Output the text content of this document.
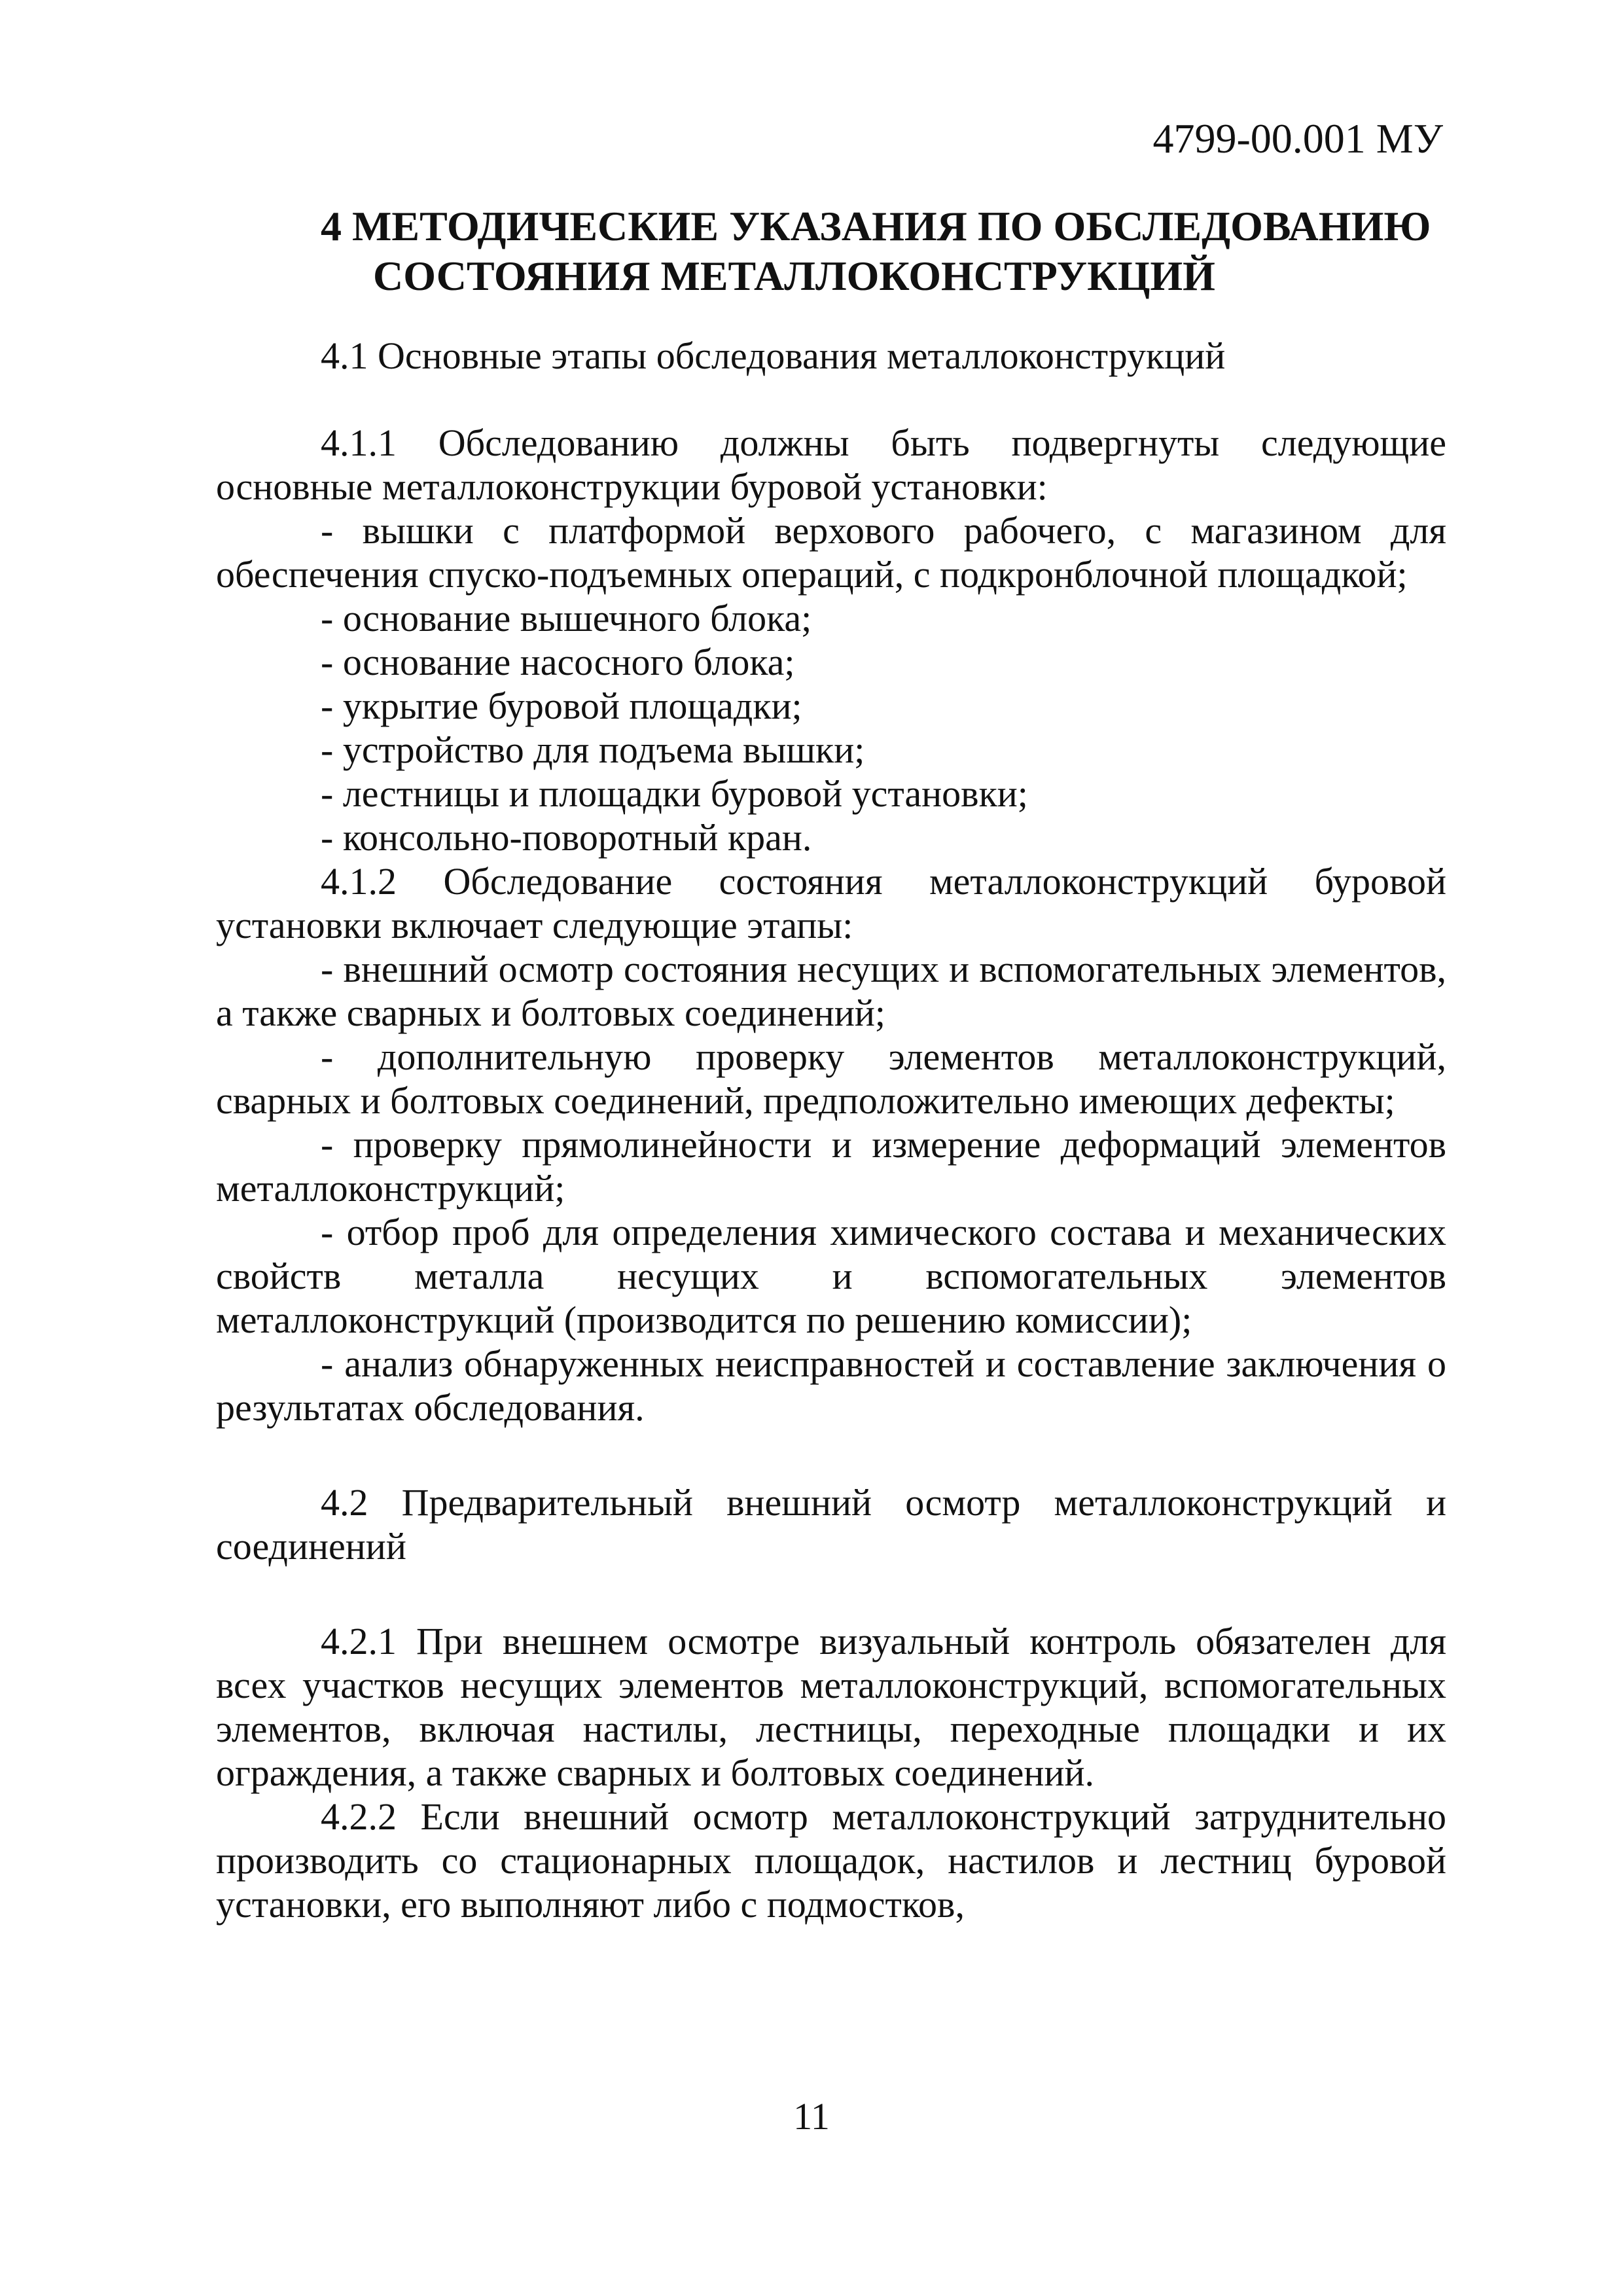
4799-00.001 МУ
4 МЕТОДИЧЕСКИЕ УКАЗАНИЯ ПО ОБСЛЕДОВАНИЮ
СОСТОЯНИЯ МЕТАЛЛОКОНСТРУКЦИЙ

4.1 Основные этапы обследования металлоконструкций

4.1.1 Обследованию должны быть подвергнуты следующие основные металлоконструкции буровой установки:

- вышки с платформой верхового рабочего, с магазином для обеспечения спуско-подъемных операций, с подкронблочной площадкой;

- основание вышечного блока;

- основание насосного блока;

- укрытие буровой площадки;

- устройство для подъема вышки;

- лестницы и площадки буровой установки;

- консольно-поворотный кран.

4.1.2 Обследование состояния металлоконструкций буровой установки включает следующие этапы:

- внешний осмотр состояния несущих и вспомогательных элементов, а также сварных и болтовых соединений;

- дополнительную проверку элементов металлоконструкций, сварных и болтовых соединений, предположительно имеющих дефекты;

- проверку прямолинейности и измерение деформаций элементов металлоконструкций;

- отбор проб для определения химического состава и механических свойств металла несущих и вспомогательных элементов металлоконструкций (производится по решению комиссии);

- анализ обнаруженных неисправностей и составление заключения о результатах обследования.

4.2 Предварительный внешний осмотр металлоконструкций и соединений

4.2.1 При внешнем осмотре визуальный контроль обязателен для всех участков несущих элементов металлоконструкций, вспомогательных элементов, включая настилы, лестницы, переходные площадки и их ограждения, а также сварных и болтовых соединений.

4.2.2 Если внешний осмотр металлоконструкций затруднительно производить со стационарных площадок, настилов и лестниц буровой установки, его выполняют либо с подмостков,

11
